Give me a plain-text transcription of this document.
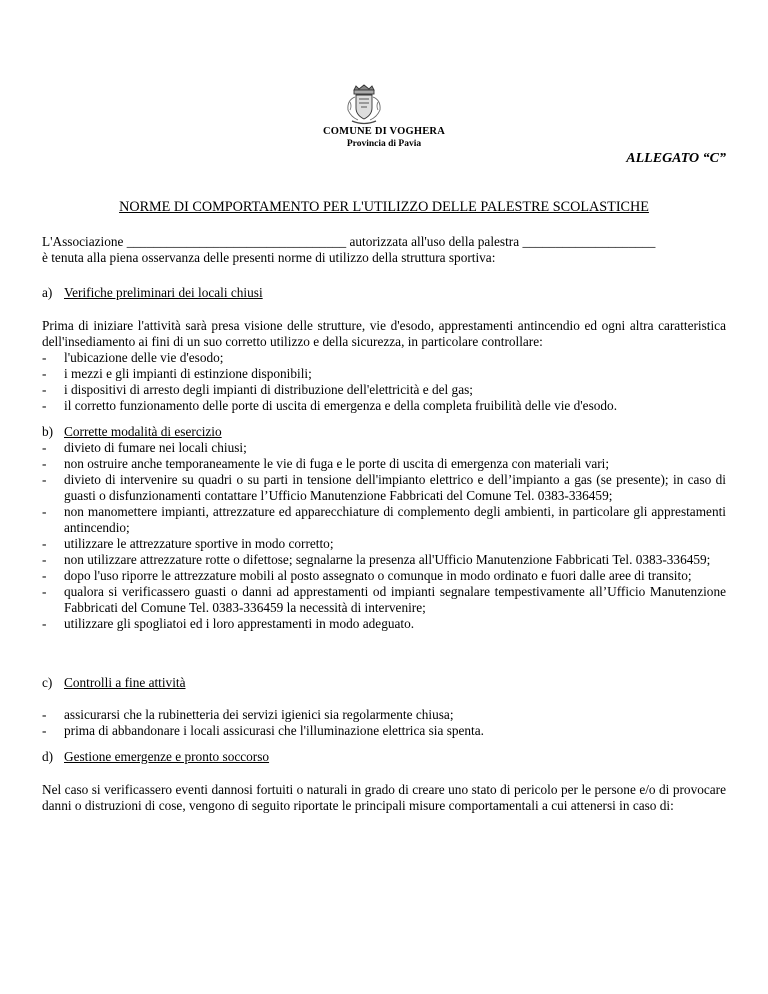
COMUNE DI VOGHERA
Provincia di Pavia
ALLEGATO “C”
NORME DI COMPORTAMENTO PER L'UTILIZZO DELLE PALESTRE SCOLASTICHE
L'Associazione _________________________________ autorizzata all'uso della palestra ____________________
è tenuta alla piena osservanza delle presenti norme di utilizzo della struttura sportiva:
a) Verifiche preliminari dei locali chiusi
Prima di iniziare l'attività sarà presa visione delle strutture, vie d'esodo, apprestamenti antincendio ed ogni altra caratteristica dell'insediamento ai fini di un suo corretto utilizzo e della sicurezza, in particolare controllare:
-	l'ubicazione delle vie d'esodo;
-	i mezzi e gli impianti di estinzione disponibili;
-	i dispositivi di arresto degli impianti di distribuzione dell'elettricità e del gas;
-	il corretto funzionamento delle porte di uscita di emergenza e della completa fruibilità delle vie d'esodo.
b) Corrette modalità di esercizio
-	divieto di fumare nei locali chiusi;
-	non ostruire anche temporaneamente le vie di fuga e le porte di uscita di emergenza con materiali vari;
-	divieto di intervenire su quadri o su parti in tensione dell'impianto elettrico e dell’impianto a gas (se presente); in caso di guasti o disfunzionamenti contattare l’Ufficio Manutenzione Fabbricati del Comune Tel. 0383-336459;
-	non manomettere impianti, attrezzature ed apparecchiature di complemento degli ambienti, in particolare gli apprestamenti antincendio;
-	utilizzare le attrezzature sportive in modo corretto;
-	non utilizzare attrezzature rotte o difettose; segnalarne la presenza all'Ufficio Manutenzione Fabbricati Tel. 0383-336459;
-	dopo l'uso riporre le attrezzature mobili al posto assegnato o comunque in modo ordinato e fuori dalle aree di transito;
-	qualora si verificassero guasti o danni ad apprestamenti od impianti segnalare tempestivamente all’Ufficio Manutenzione Fabbricati del Comune Tel. 0383-336459 la necessità di intervenire;
-	utilizzare gli spogliatoi ed i loro apprestamenti in modo adeguato.
c) Controlli a fine attività
-	assicurarsi che la rubinetteria dei servizi igienici sia regolarmente chiusa;
-	prima di abbandonare i locali assicurasi che l'illuminazione elettrica sia spenta.
d) Gestione emergenze e pronto soccorso
Nel caso si verificassero eventi dannosi fortuiti o naturali in grado di creare uno stato di pericolo per le persone e/o di provocare danni o distruzioni di cose, vengono di seguito riportate le principali misure comportamentali a cui attenersi in caso di:
